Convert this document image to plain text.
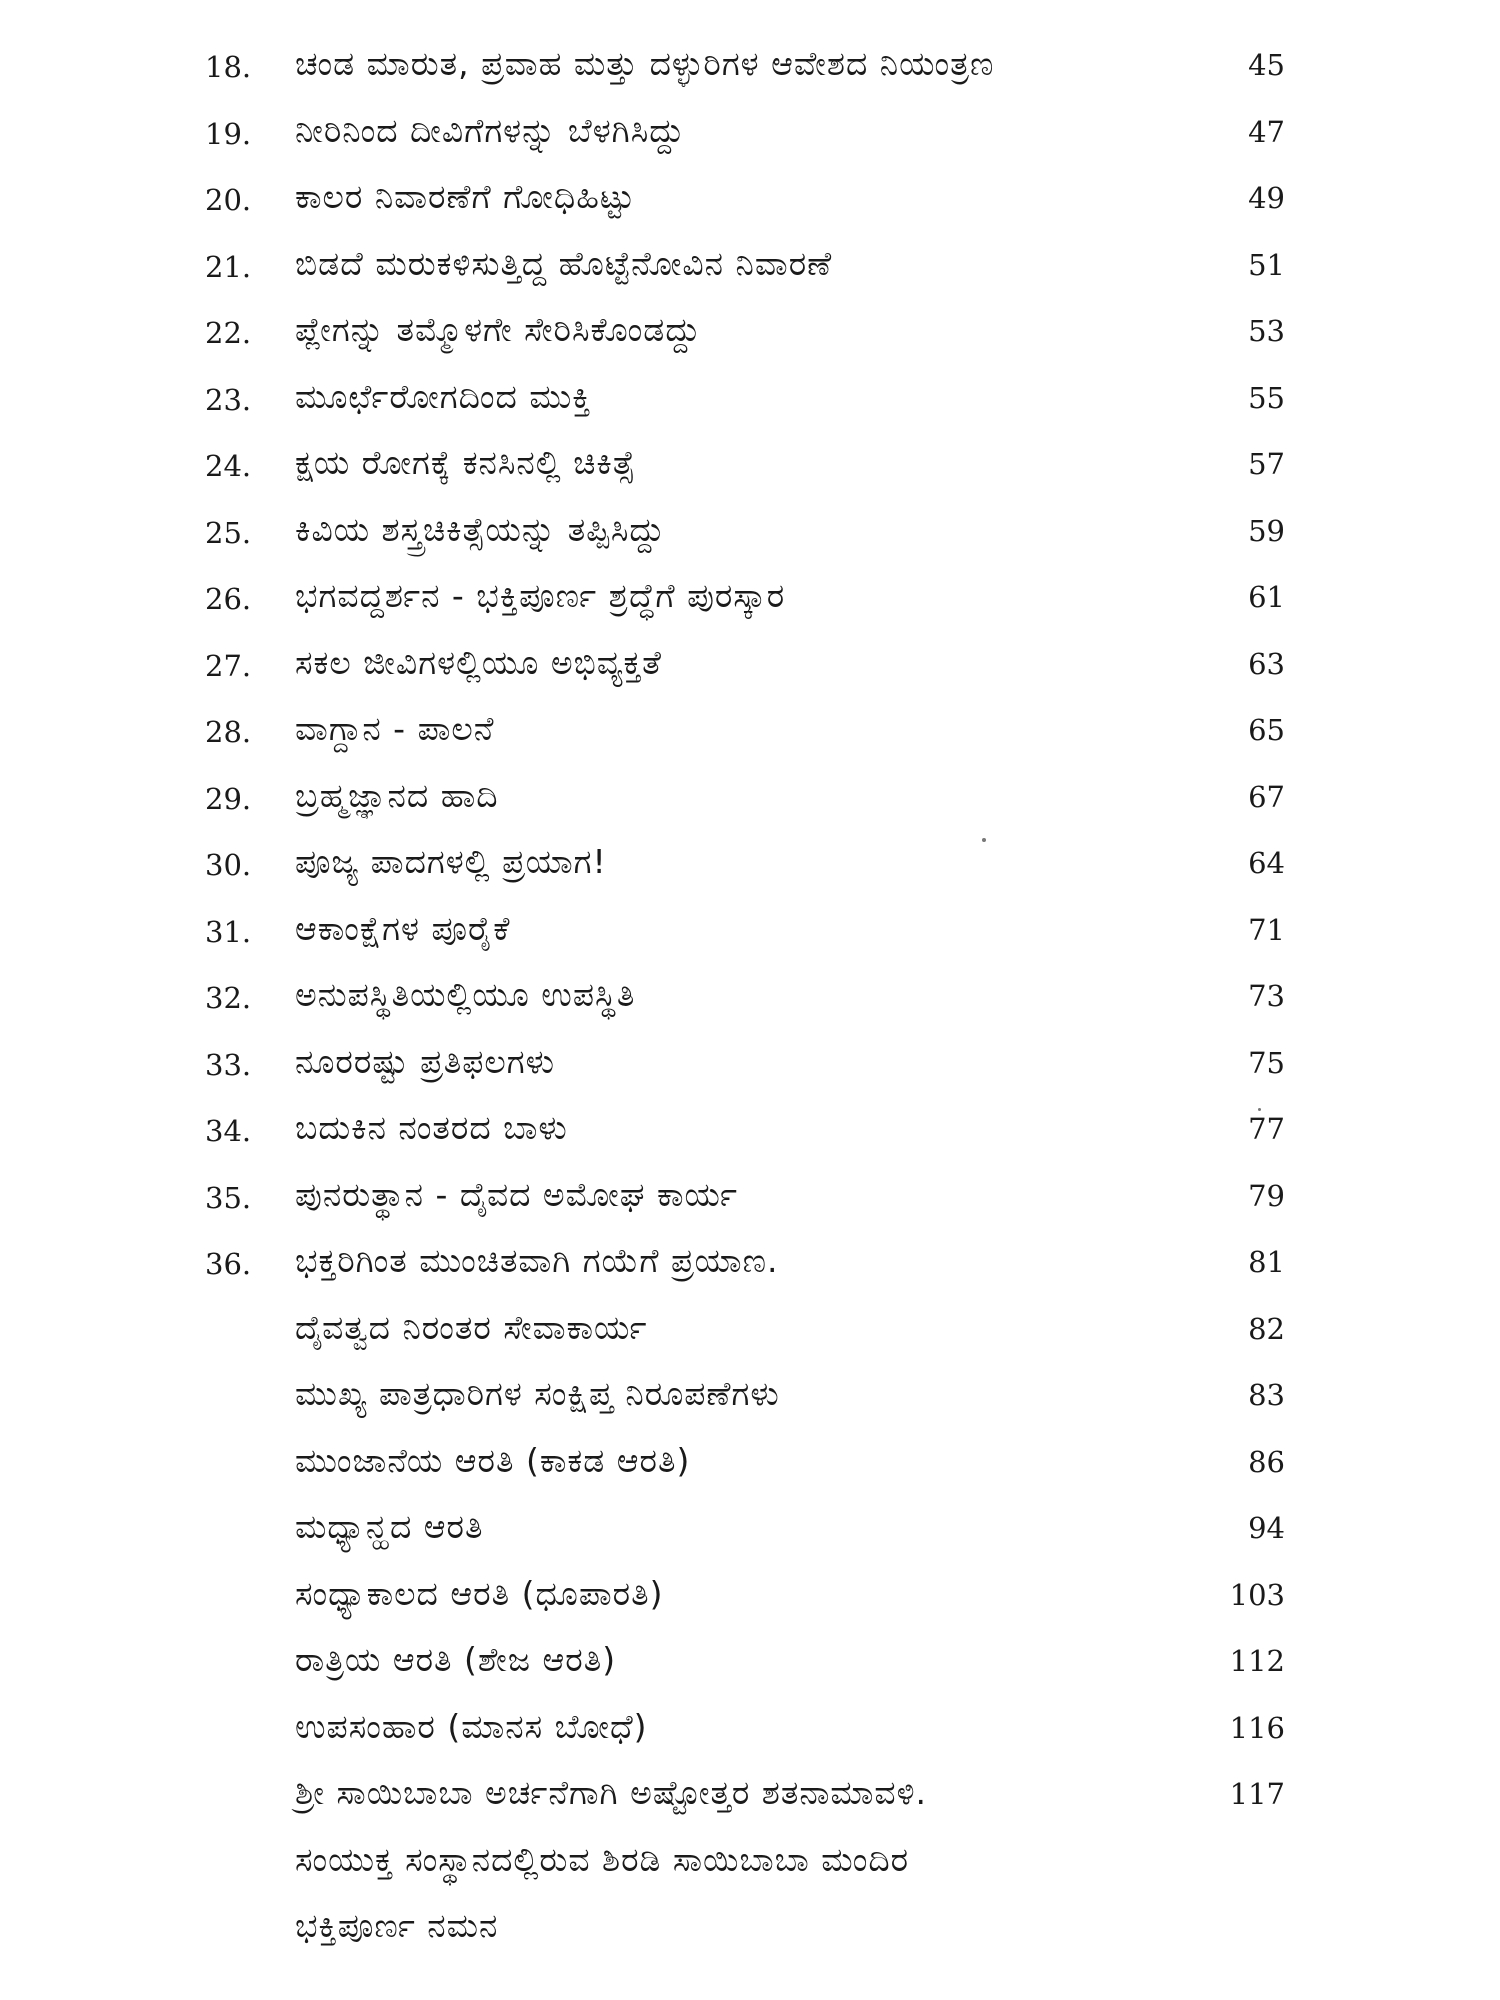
18.	ಚಂಡ ಮಾರುತ, ಪ್ರವಾಹ ಮತ್ತು ದಳ್ಳುರಿಗಳ ಆವೇಶದ ನಿಯಂತ್ರಣ	45
19.	ನೀರಿನಿಂದ ದೀವಿಗೆಗಳನ್ನು ಬೆಳಗಿಸಿದ್ದು	47
20.	ಕಾಲರ ನಿವಾರಣೆಗೆ ಗೋಧಿಹಿಟ್ಟು	49
21.	ಬಿಡದೆ ಮರುಕಳಿಸುತ್ತಿದ್ದ ಹೊಟ್ಟೆನೋವಿನ ನಿವಾರಣೆ	51
22.	ಪ್ಲೇಗನ್ನು ತಮ್ಮೊಳಗೇ ಸೇರಿಸಿಕೊಂಡದ್ದು	53
23.	ಮೂರ್ಛೆರೋಗದಿಂದ ಮುಕ್ತಿ	55
24.	ಕ್ಷಯ ರೋಗಕ್ಕೆ ಕನಸಿನಲ್ಲಿ ಚಿಕಿತ್ಸೆ	57
25.	ಕಿವಿಯ ಶಸ್ತ್ರಚಿಕಿತ್ಸೆಯನ್ನು ತಪ್ಪಿಸಿದ್ದು	59
26.	ಭಗವದ್ದರ್ಶನ - ಭಕ್ತಿಪೂರ್ಣ ಶ್ರದ್ಧೆಗೆ ಪುರಸ್ಕಾರ	61
27.	ಸಕಲ ಜೀವಿಗಳಲ್ಲಿಯೂ ಅಭಿವ್ಯಕ್ತತೆ	63
28.	ವಾಗ್ದಾನ - ಪಾಲನೆ	65
29.	ಬ್ರಹ್ಮಜ್ಞಾನದ ಹಾದಿ	67
30.	ಪೂಜ್ಯ ಪಾದಗಳಲ್ಲಿ ಪ್ರಯಾಗ!	64
31.	ಆಕಾಂಕ್ಷೆಗಳ ಪೂರೈಕೆ	71
32.	ಅನುಪಸ್ಥಿತಿಯಲ್ಲಿಯೂ ಉಪಸ್ಥಿತಿ	73
33.	ನೂರರಷ್ಟು ಪ್ರತಿಫಲಗಳು	75
34.	ಬದುಕಿನ ನಂತರದ ಬಾಳು	77
35.	ಪುನರುತ್ಥಾನ - ದೈವದ ಅಮೋಘ ಕಾರ್ಯ	79
36.	ಭಕ್ತರಿಗಿಂತ ಮುಂಚಿತವಾಗಿ ಗಯೆಗೆ ಪ್ರಯಾಣ.	81
ದೈವತ್ವದ ನಿರಂತರ ಸೇವಾಕಾರ್ಯ	82
ಮುಖ್ಯ ಪಾತ್ರಧಾರಿಗಳ ಸಂಕ್ಷಿಪ್ತ ನಿರೂಪಣೆಗಳು	83
ಮುಂಜಾನೆಯ ಆರತಿ (ಕಾಕಡ ಆರತಿ)	86
ಮಧ್ಯಾನ್ಹದ ಆರತಿ	94
ಸಂಧ್ಯಾಕಾಲದ ಆರತಿ (ಧೂಪಾರತಿ)	103
ರಾತ್ರಿಯ ಆರತಿ (ಶೇಜ ಆರತಿ)	112
ಉಪಸಂಹಾರ (ಮಾನಸ ಬೋಧೆ)	116
ಶ್ರೀ ಸಾಯಿಬಾಬಾ ಅರ್ಚನೆಗಾಗಿ ಅಷ್ಟೋತ್ತರ ಶತನಾಮಾವಳಿ.	117
ಸಂಯುಕ್ತ ಸಂಸ್ಥಾನದಲ್ಲಿರುವ ಶಿರಡಿ ಸಾಯಿಬಾಬಾ ಮಂದಿರ
ಭಕ್ತಿಪೂರ್ಣ ನಮನ
